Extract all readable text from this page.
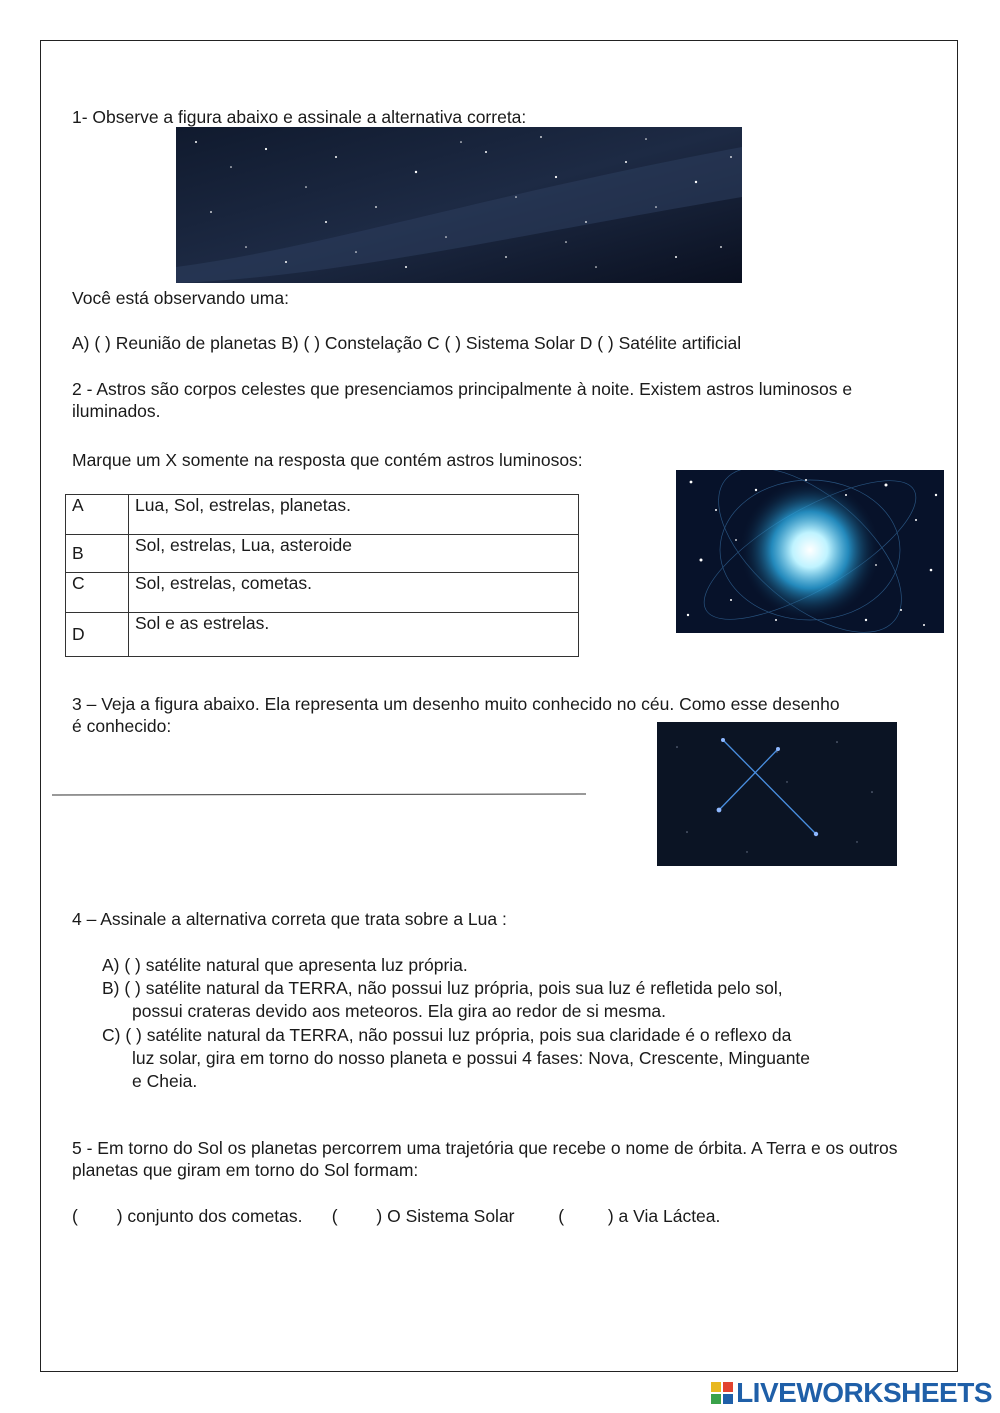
1- Observe a figura abaixo e assinale a alternativa correta:
Você está observando uma:
A) ( ) Reunião de planetas B) ( ) Constelação C ( ) Sistema Solar D ( ) Satélite artificial
2 - Astros são corpos celestes que presenciamos principalmente à noite. Existem astros luminosos e iluminados.
Marque um X somente na resposta que contém astros luminosos:
A	Lua, Sol, estrelas, planetas.
B	Sol, estrelas, Lua, asteroide
C	Sol, estrelas, cometas.
D	Sol e as estrelas.
3 – Veja a figura abaixo. Ela representa um desenho muito conhecido no céu. Como esse desenho é conhecido:
4 – Assinale a alternativa correta que trata sobre a Lua :
A) ( ) satélite natural que apresenta luz própria.
B) ( ) satélite natural da TERRA, não possui luz própria, pois sua luz é refletida pelo sol,
possui crateras devido aos meteoros. Ela gira ao redor de si mesma.
C) ( ) satélite natural da TERRA, não possui luz própria, pois sua claridade é o reflexo da
luz solar, gira em torno do nosso planeta e possui 4 fases: Nova, Crescente, Minguante
e Cheia.
5 - Em torno do Sol os planetas percorrem uma trajetória que recebe o nome de órbita. A Terra e os outros planetas que giram em torno do Sol formam:
(        ) conjunto dos cometas.      (        ) O Sistema Solar         (         ) a Via Láctea.
LIVEWORKSHEETS
